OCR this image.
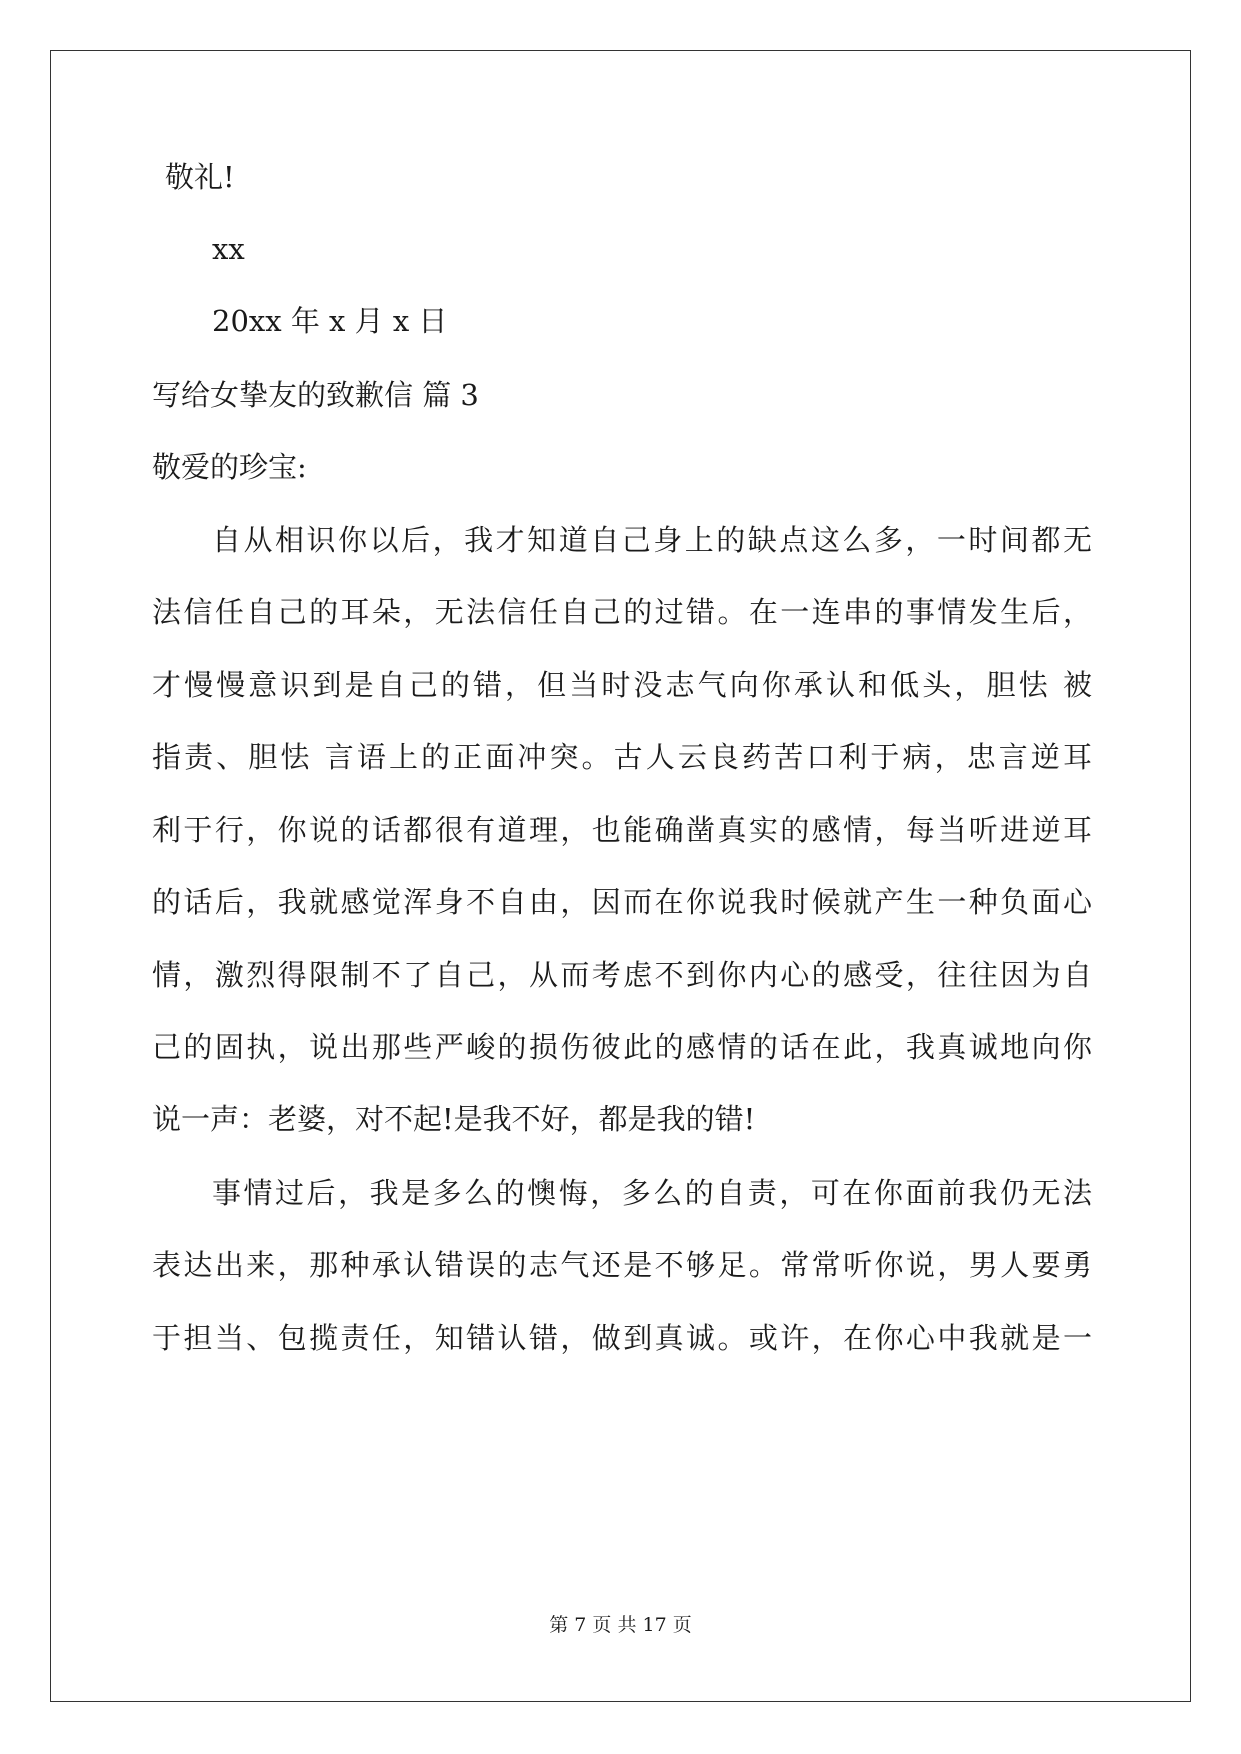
敬礼!
xx
20xx 年 x 月 x 日
写给女挚友的致歉信 篇 3
敬爱的珍宝:
自从相识你以后，我才知道自己身上的缺点这么多，一时间都无
法信任自己的耳朵，无法信任自己的过错。在一连串的事情发生后，
才慢慢意识到是自己的错，但当时没志气向你承认和低头，胆怯 被
指责、胆怯 言语上的正面冲突。古人云良药苦口利于病，忠言逆耳
利于行，你说的话都很有道理，也能确凿真实的感情，每当听进逆耳
的话后，我就感觉浑身不自由，因而在你说我时候就产生一种负面心
情，激烈得限制不了自己，从而考虑不到你内心的感受，往往因为自
己的固执，说出那些严峻的损伤彼此的感情的话在此，我真诚地向你
说一声：老婆，对不起!是我不好，都是我的错!
事情过后，我是多么的懊悔，多么的自责，可在你面前我仍无法
表达出来，那种承认错误的志气还是不够足。常常听你说，男人要勇
于担当、包揽责任，知错认错，做到真诚。或许，在你心中我就是一
第 7 页 共 17 页
